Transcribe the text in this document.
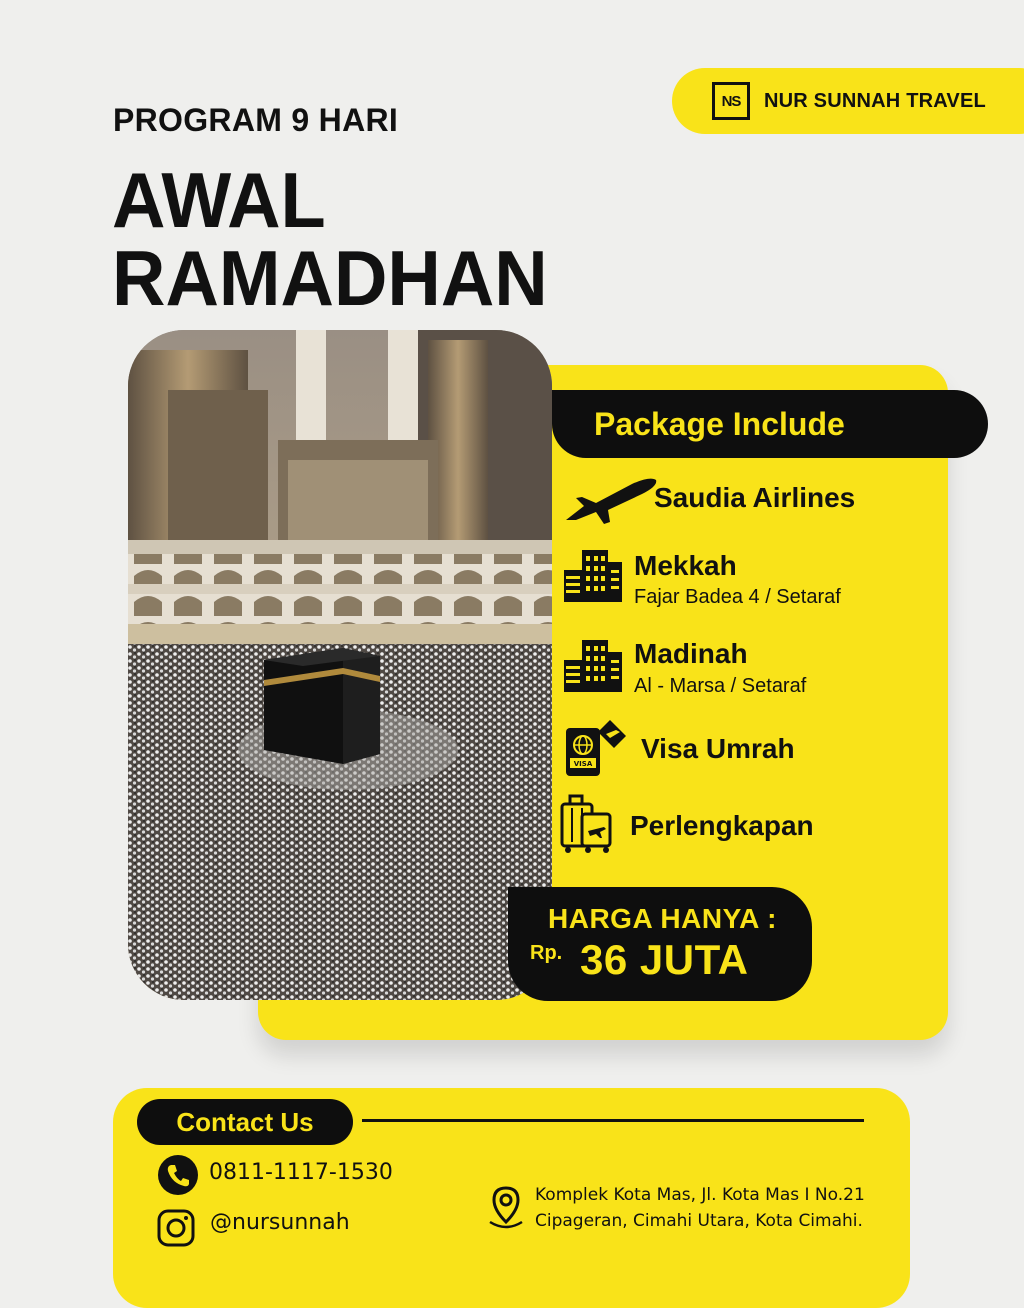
NS	NUR SUNNAH TRAVEL
PROGRAM 9 HARI
AWAL
RAMADHAN
Package Include
Saudia Airlines
Mekkah
Fajar Badea 4 / Setaraf
Madinah
Al - Marsa / Setaraf
VISA Visa Umrah
Perlengkapan
HARGA HANYA :
Rp. 36 JUTA
Contact Us
0811-1117-1530
@nursunnah
Komplek Kota Mas, Jl. Kota Mas I No.21
Cipageran, Cimahi Utara, Kota Cimahi.
